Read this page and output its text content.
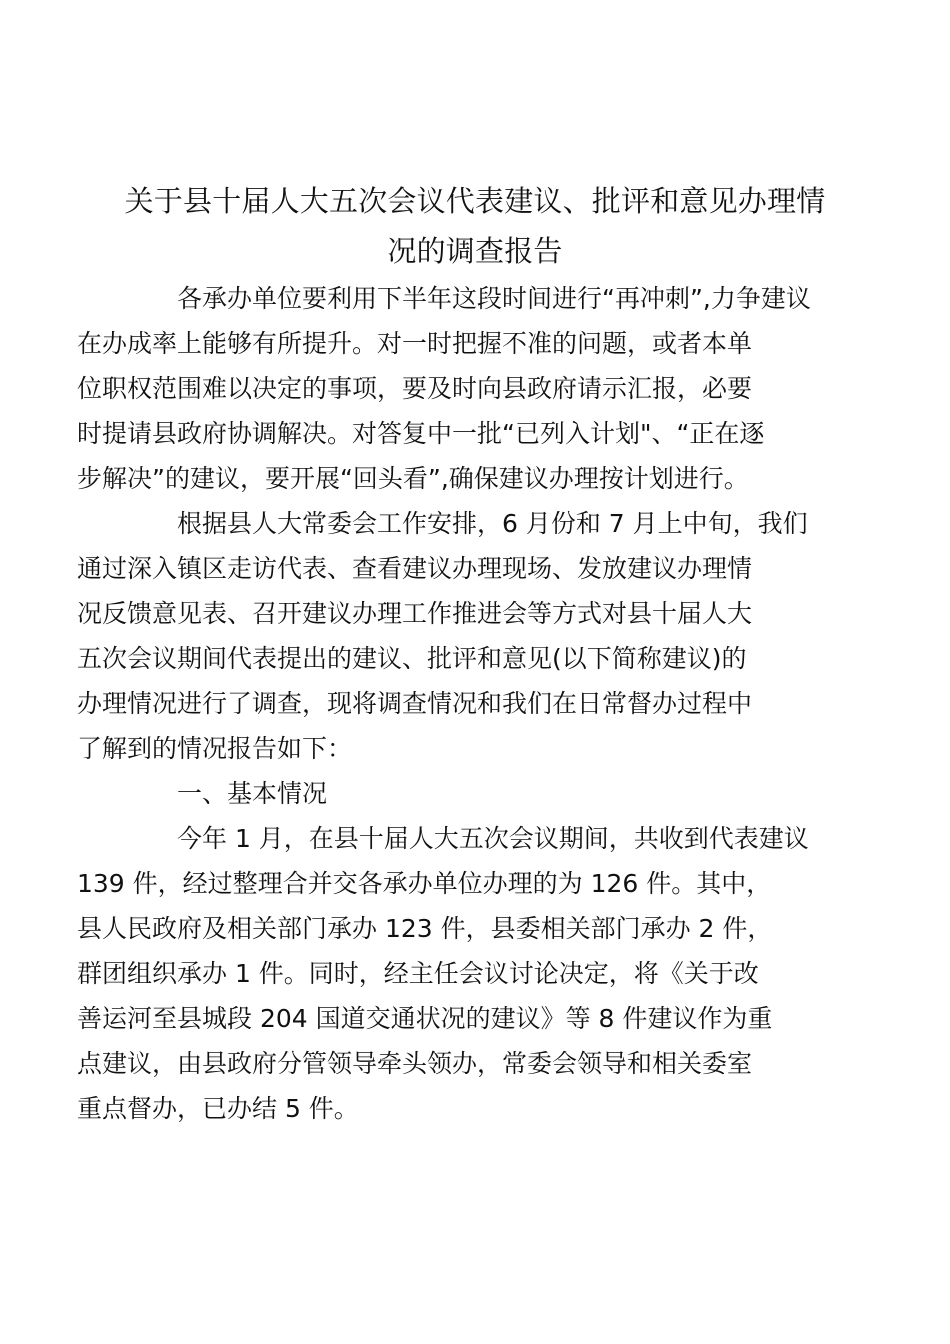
关于县十届人大五次会议代表建议、批评和意见办理情
况的调查报告

各承办单位要利用下半年这段时间进行“再冲刺”,力争建议
在办成率上能够有所提升。对一时把握不准的问题，或者本单
位职权范围难以决定的事项，要及时向县政府请示汇报，必要
时提请县政府协调解决。对答复中一批“已列入计划"、“正在逐
步解决”的建议，要开展“回头看”,确保建议办理按计划进行。

根据县人大常委会工作安排，6 月份和 7 月上中旬，我们
通过深入镇区走访代表、查看建议办理现场、发放建议办理情
况反馈意见表、召开建议办理工作推进会等方式对县十届人大
五次会议期间代表提出的建议、批评和意见(以下简称建议)的
办理情况进行了调查，现将调查情况和我们在日常督办过程中
了解到的情况报告如下：

一、基本情况

今年 1 月，在县十届人大五次会议期间，共收到代表建议
139 件，经过整理合并交各承办单位办理的为 126 件。其中，
县人民政府及相关部门承办 123 件，县委相关部门承办 2 件，
群团组织承办 1 件。同时，经主任会议讨论决定，将《关于改
善运河至县城段 204 国道交通状况的建议》等 8 件建议作为重
点建议，由县政府分管领导牵头领办，常委会领导和相关委室
重点督办，已办结 5 件。
